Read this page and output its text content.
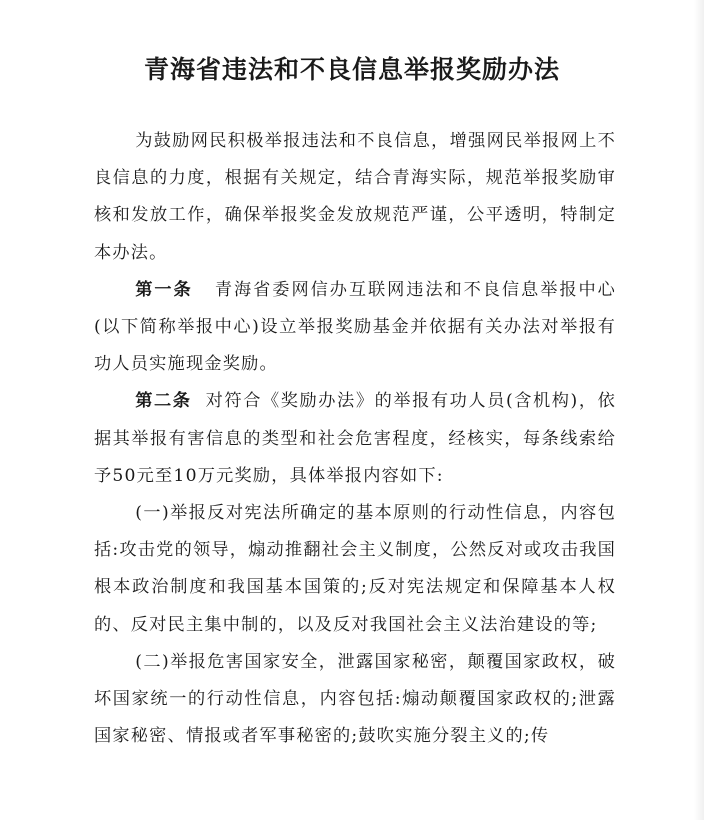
青海省违法和不良信息举报奖励办法

为鼓励网民积极举报违法和不良信息，增强网民举报网上不良信息的力度，根据有关规定，结合青海实际，规范举报奖励审核和发放工作，确保举报奖金发放规范严谨，公平透明，特制定本办法。

第一条 青海省委网信办互联网违法和不良信息举报中心(以下简称举报中心)设立举报奖励基金并依据有关办法对举报有功人员实施现金奖励。

第二条 对符合《奖励办法》的举报有功人员(含机构)，依据其举报有害信息的类型和社会危害程度，经核实，每条线索给予50元至10万元奖励，具体举报内容如下:

(一)举报反对宪法所确定的基本原则的行动性信息，内容包括:攻击党的领导，煽动推翻社会主义制度，公然反对或攻击我国根本政治制度和我国基本国策的;反对宪法规定和保障基本人权的、反对民主集中制的，以及反对我国社会主义法治建设的等;

(二)举报危害国家安全，泄露国家秘密，颠覆国家政权，破坏国家统一的行动性信息，内容包括:煽动颠覆国家政权的;泄露国家秘密、情报或者军事秘密的;鼓吹实施分裂主义的;传
